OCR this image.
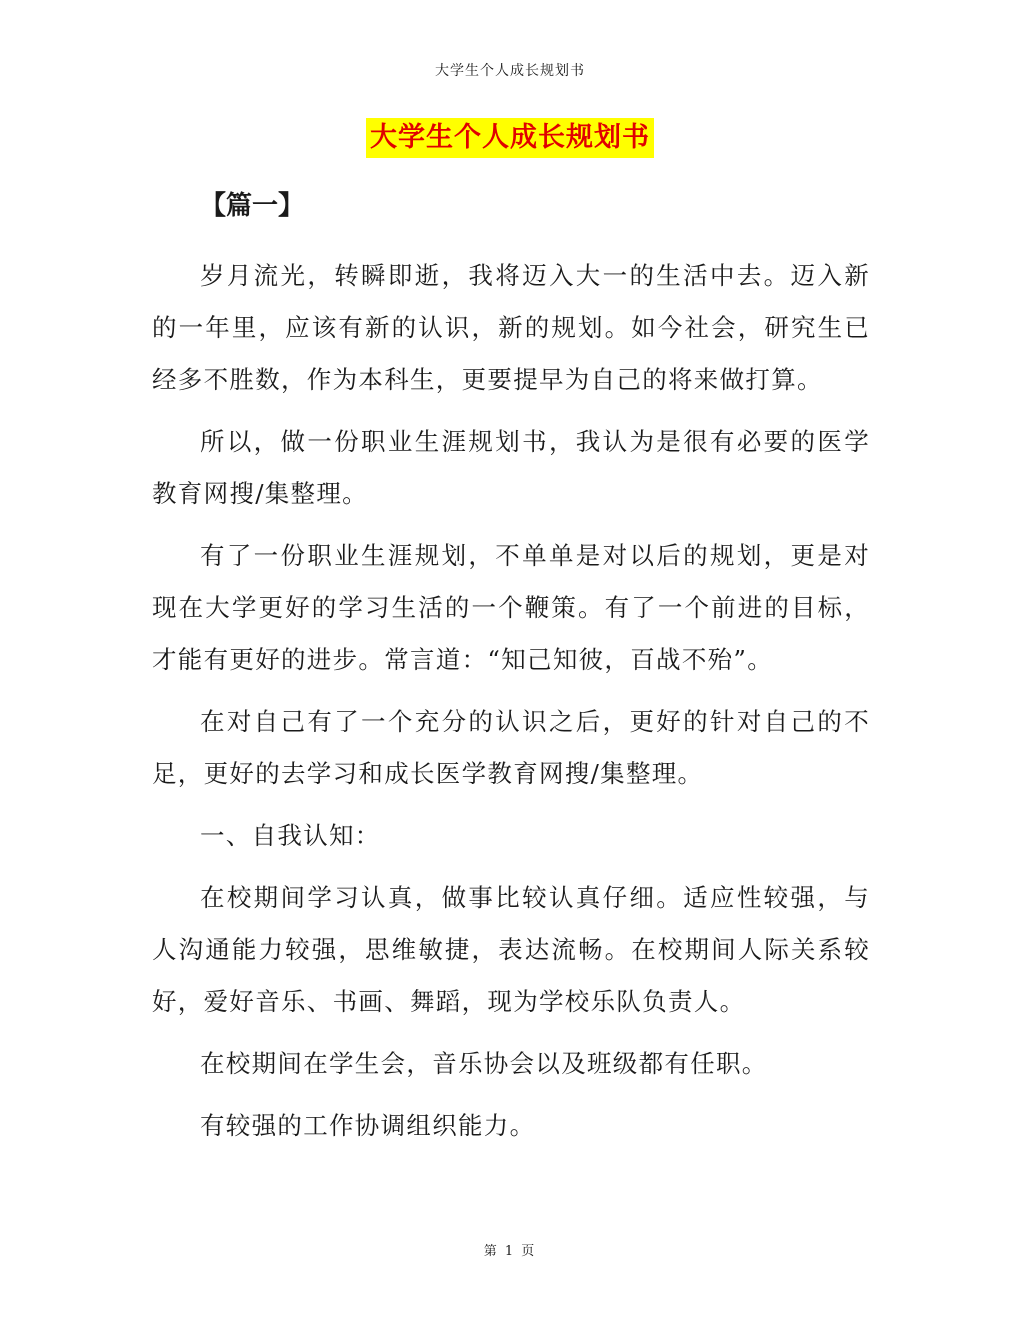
大学生个人成长规划书
大学生个人成长规划书
【篇一】

岁月流光，转瞬即逝，我将迈入大一的生活中去。迈入新的一年里，应该有新的认识，新的规划。如今社会，研究生已经多不胜数，作为本科生，更要提早为自己的将来做打算。

所以，做一份职业生涯规划书，我认为是很有必要的医学教育网搜/集整理。

有了一份职业生涯规划，不单单是对以后的规划，更是对现在大学更好的学习生活的一个鞭策。有了一个前进的目标，才能有更好的进步。常言道：“知己知彼，百战不殆”。

在对自己有了一个充分的认识之后，更好的针对自己的不足，更好的去学习和成长医学教育网搜/集整理。

一、自我认知：

在校期间学习认真，做事比较认真仔细。适应性较强，与人沟通能力较强，思维敏捷，表达流畅。在校期间人际关系较好，爱好音乐、书画、舞蹈，现为学校乐队负责人。

在校期间在学生会，音乐协会以及班级都有任职。

有较强的工作协调组织能力。

第 1 页
